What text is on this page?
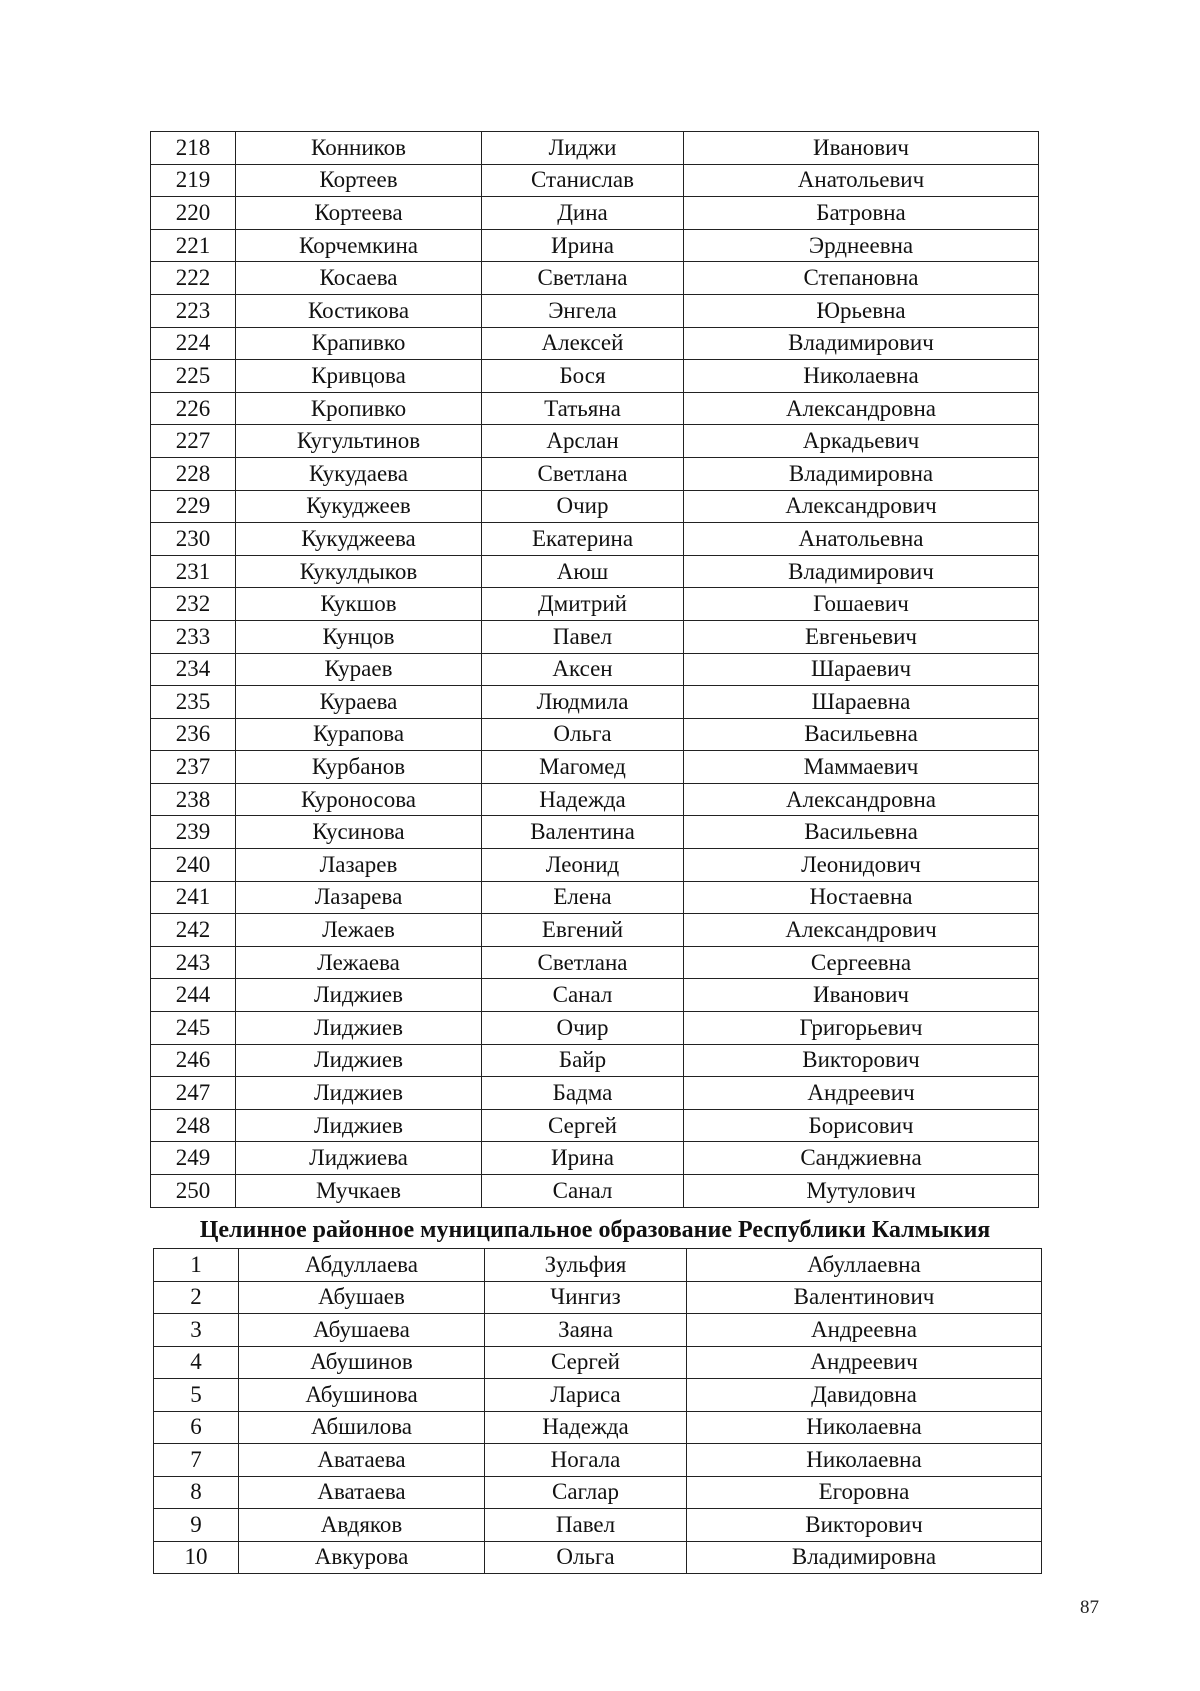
218	Конников	Лиджи	Иванович
219	Кортеев	Станислав	Анатольевич
220	Кортеева	Дина	Батровна
221	Корчемкина	Ирина	Эрднеевна
222	Косаева	Светлана	Степановна
223	Костикова	Энгела	Юрьевна
224	Крапивко	Алексей	Владимирович
225	Кривцова	Бося	Николаевна
226	Кропивко	Татьяна	Александровна
227	Кугультинов	Арслан	Аркадьевич
228	Кукудаева	Светлана	Владимировна
229	Кукуджеев	Очир	Александрович
230	Кукуджеева	Екатерина	Анатольевна
231	Кукулдыков	Аюш	Владимирович
232	Кукшов	Дмитрий	Гошаевич
233	Кунцов	Павел	Евгеньевич
234	Кураев	Аксен	Шараевич
235	Кураева	Людмила	Шараевна
236	Курапова	Ольга	Васильевна
237	Курбанов	Магомед	Маммаевич
238	Куроносова	Надежда	Александровна
239	Кусинова	Валентина	Васильевна
240	Лазарев	Леонид	Леонидович
241	Лазарева	Елена	Ностаевна
242	Лежаев	Евгений	Александрович
243	Лежаева	Светлана	Сергеевна
244	Лиджиев	Санал	Иванович
245	Лиджиев	Очир	Григорьевич
246	Лиджиев	Байр	Викторович
247	Лиджиев	Бадма	Андреевич
248	Лиджиев	Сергей	Борисович
249	Лиджиева	Ирина	Санджиевна
250	Мучкаев	Санал	Мутулович
Целинное районное муниципальное образование Республики Калмыкия
1	Абдуллаева	Зульфия	Абуллаевна
2	Абушаев	Чингиз	Валентинович
3	Абушаева	Заяна	Андреевна
4	Абушинов	Сергей	Андреевич
5	Абушинова	Лариса	Давидовна
6	Абшилова	Надежда	Николаевна
7	Аватаева	Ногала	Николаевна
8	Аватаева	Саглар	Егоровна
9	Авдяков	Павел	Викторович
10	Авкурова	Ольга	Владимировна
87
